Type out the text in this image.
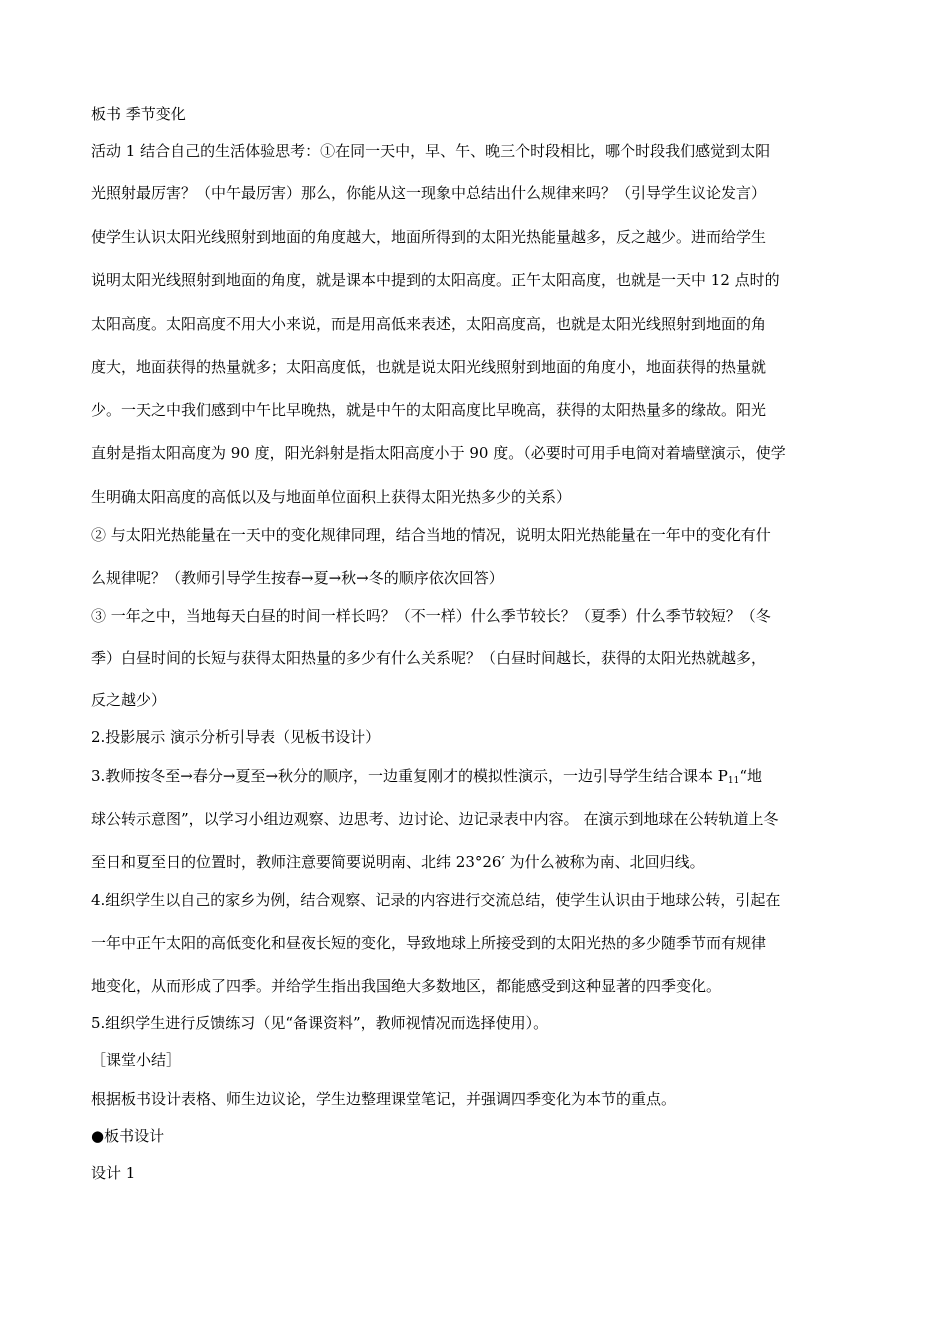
板书 季节变化
活动 1 结合自己的生活体验思考：①在同一天中，早、午、晚三个时段相比，哪个时段我们感觉到太阳
光照射最厉害？（中午最厉害）那么，你能从这一现象中总结出什么规律来吗？（引导学生议论发言）
使学生认识太阳光线照射到地面的角度越大，地面所得到的太阳光热能量越多，反之越少。进而给学生
说明太阳光线照射到地面的角度，就是课本中提到的太阳高度。正午太阳高度，也就是一天中 12 点时的
太阳高度。太阳高度不用大小来说，而是用高低来表述，太阳高度高，也就是太阳光线照射到地面的角
度大，地面获得的热量就多；太阳高度低，也就是说太阳光线照射到地面的角度小，地面获得的热量就
少。一天之中我们感到中午比早晚热，就是中午的太阳高度比早晚高，获得的太阳热量多的缘故。阳光
直射是指太阳高度为 90 度，阳光斜射是指太阳高度小于 90 度。（必要时可用手电筒对着墙壁演示，使学
生明确太阳高度的高低以及与地面单位面积上获得太阳光热多少的关系）
② 与太阳光热能量在一天中的变化规律同理，结合当地的情况，说明太阳光热能量在一年中的变化有什
么规律呢？（教师引导学生按春→夏→秋→冬的顺序依次回答）
③ 一年之中，当地每天白昼的时间一样长吗？（不一样）什么季节较长？（夏季）什么季节较短？（冬
季）白昼时间的长短与获得太阳热量的多少有什么关系呢？（白昼时间越长，获得的太阳光热就越多，
反之越少）
2.投影展示 演示分析引导表（见板书设计）
3.教师按冬至→春分→夏至→秋分的顺序，一边重复刚才的模拟性演示，一边引导学生结合课本 $P_{11}“$地
球公转示意图”，以学习小组边观察、边思考、边讨论、边记录表中内容。 在演示到地球在公转轨道上冬
至日和夏至日的位置时，教师注意要简要说明南、北纬 23°26′ 为什么被称为南、北回归线。
4.组织学生以自己的家乡为例，结合观察、记录的内容进行交流总结，使学生认识由于地球公转，引起在
一年中正午太阳的高低变化和昼夜长短的变化，导致地球上所接受到的太阳光热的多少随季节而有规律
地变化，从而形成了四季。并给学生指出我国绝大多数地区，都能感受到这种显著的四季变化。
5.组织学生进行反馈练习（见“备课资料”，教师视情况而选择使用）。
［课堂小结］
根据板书设计表格、师生边议论，学生边整理课堂笔记，并强调四季变化为本节的重点。
●板书设计
设计 1
